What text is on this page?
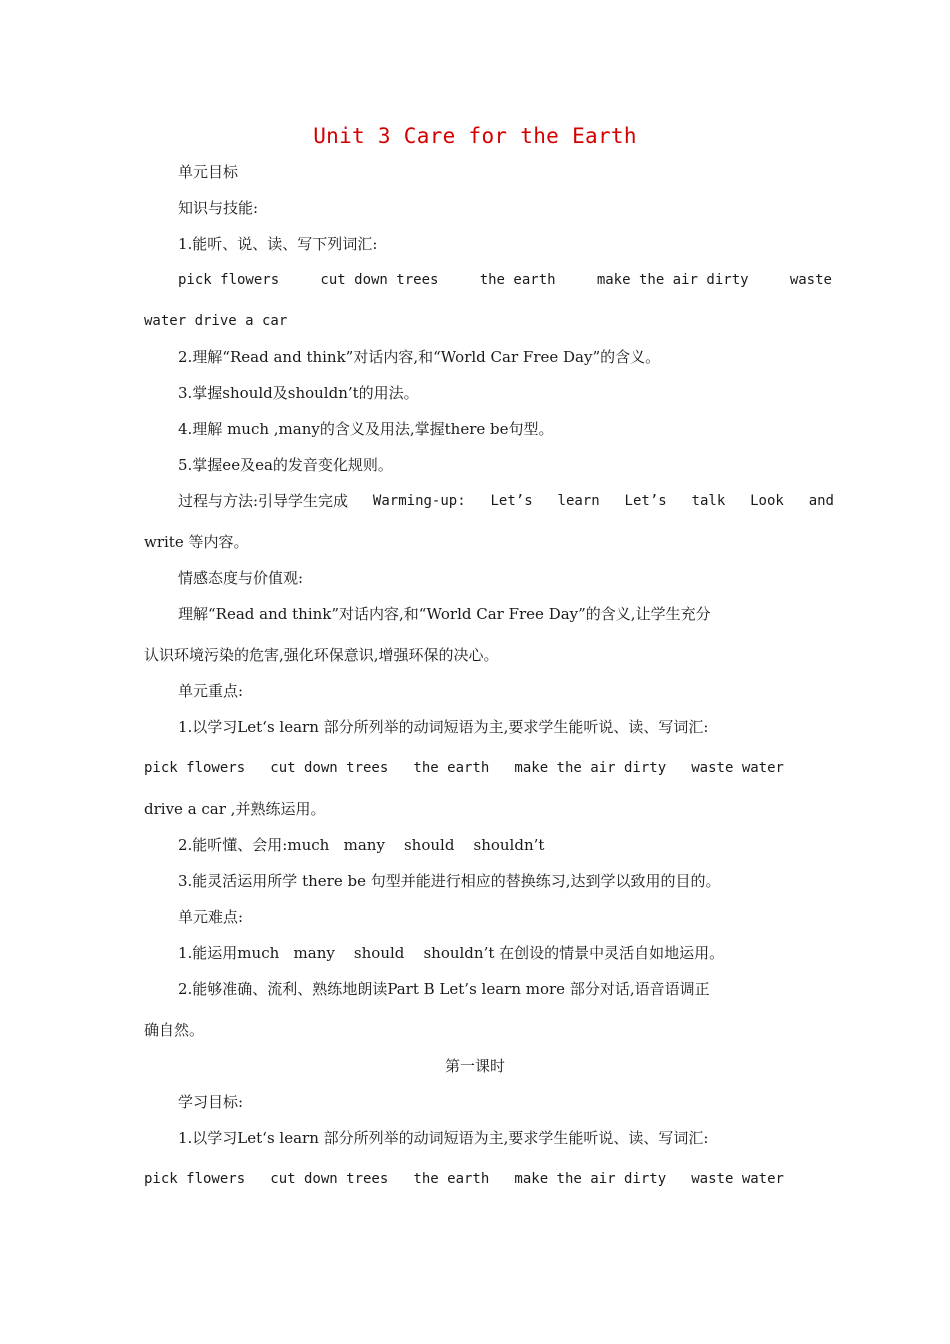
Unit 3 Care for the Earth
单元目标
知识与技能:
1.能听、说、读、写下列词汇:
pick flowers	cut down trees	the earth	make the air dirty	waste
water drive a car
2.理解“Read and think”对话内容,和“World Car Free Day”的含义。
3.掌握should及shouldn’t的用法。
4.理解 much ,many的含义及用法,掌握there be句型。
5.掌握ee及ea的发音变化规则。
过程与方法:引导学生完成 Warming-up: Let’s learn Let’s talk Look and
write 等内容。
情感态度与价值观:
理解“Read and think”对话内容,和“World Car Free Day”的含义,让学生充分
认识环境污染的危害,强化环保意识,增强环保的决心。
单元重点:
1.以学习Let‘s learn 部分所列举的动词短语为主,要求学生能听说、读、写词汇:
pick flowers cut down trees the earth make the air dirty waste water
drive a car ,并熟练运用。
2.能听懂、会用:much   many    should    shouldn’t
3.能灵活运用所学 there be 句型并能进行相应的替换练习,达到学以致用的目的。
单元难点:
1.能运用much   many    should    shouldn’t 在创设的情景中灵活自如地运用。
2.能够准确、流利、熟练地朗读Part B Let’s learn more 部分对话,语音语调正
确自然。
第一课时
学习目标:
1.以学习Let‘s learn 部分所列举的动词短语为主,要求学生能听说、读、写词汇:
pick flowers cut down trees the earth make the air dirty waste water
